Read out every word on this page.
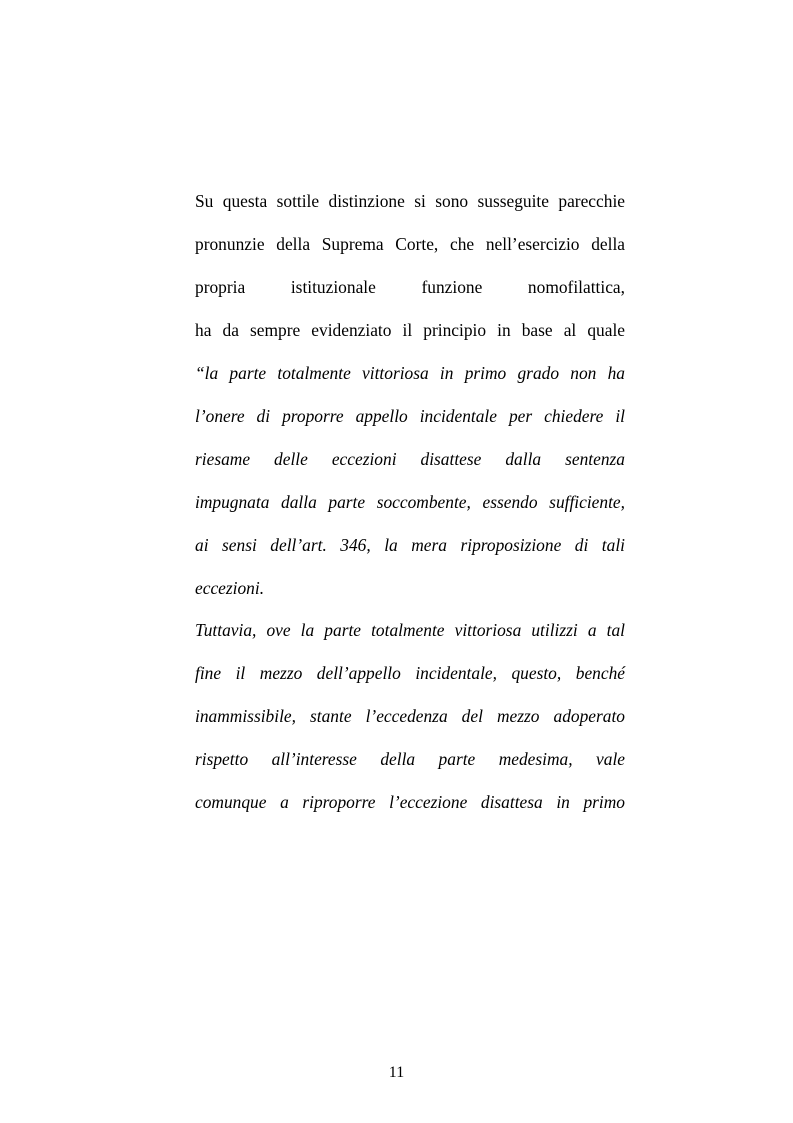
Su questa sottile distinzione si sono susseguite parecchie
pronunzie della Suprema Corte, che nell’esercizio della
propria istituzionale funzione nomofilattica,
ha da sempre evidenziato il principio in base al quale
“la parte totalmente vittoriosa in primo grado non ha
l’onere di proporre appello incidentale per chiedere il
riesame delle eccezioni disattese dalla sentenza
impugnata dalla parte soccombente, essendo sufficiente,
ai sensi dell’art. 346, la mera riproposizione di tali
eccezioni.
Tuttavia, ove la parte totalmente vittoriosa utilizzi a tal
fine il mezzo dell’appello incidentale, questo, benché
inammissibile, stante l’eccedenza del mezzo adoperato
rispetto all’interesse della parte medesima, vale
comunque a riproporre l’eccezione disattesa in primo
11
